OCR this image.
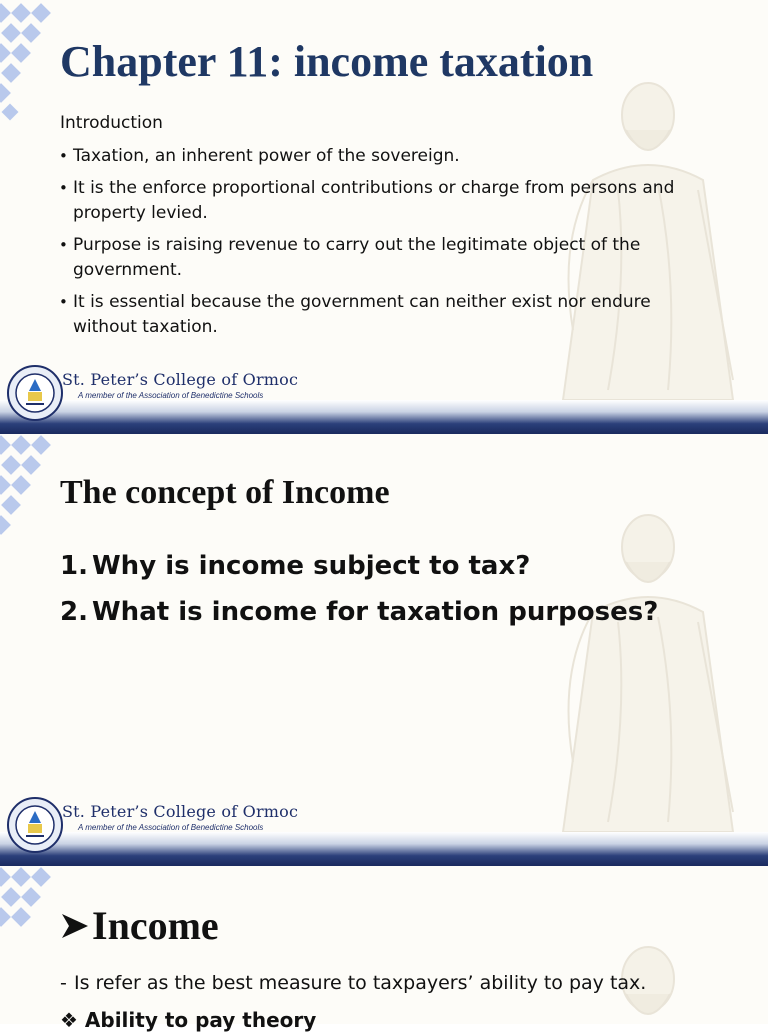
Chapter 11: income taxation
Introduction
• Taxation, an inherent power of the sovereign.
• It is the enforce proportional contributions or charge from persons and property levied.
• Purpose is raising revenue to carry out the legitimate object of the government.
• It is essential because the government can neither exist nor endure without taxation.
The concept of Income
1. Why is income subject to tax?
2. What is income for taxation purposes?
Income
- Is refer as the best measure to taxpayers’ ability to pay tax.
❖ Ability to pay theory
St. Peter’s College of Ormoc
A member of the Association of Benedictine Schools
St. Peter’s College of Ormoc
A member of the Association of Benedictine Schools
